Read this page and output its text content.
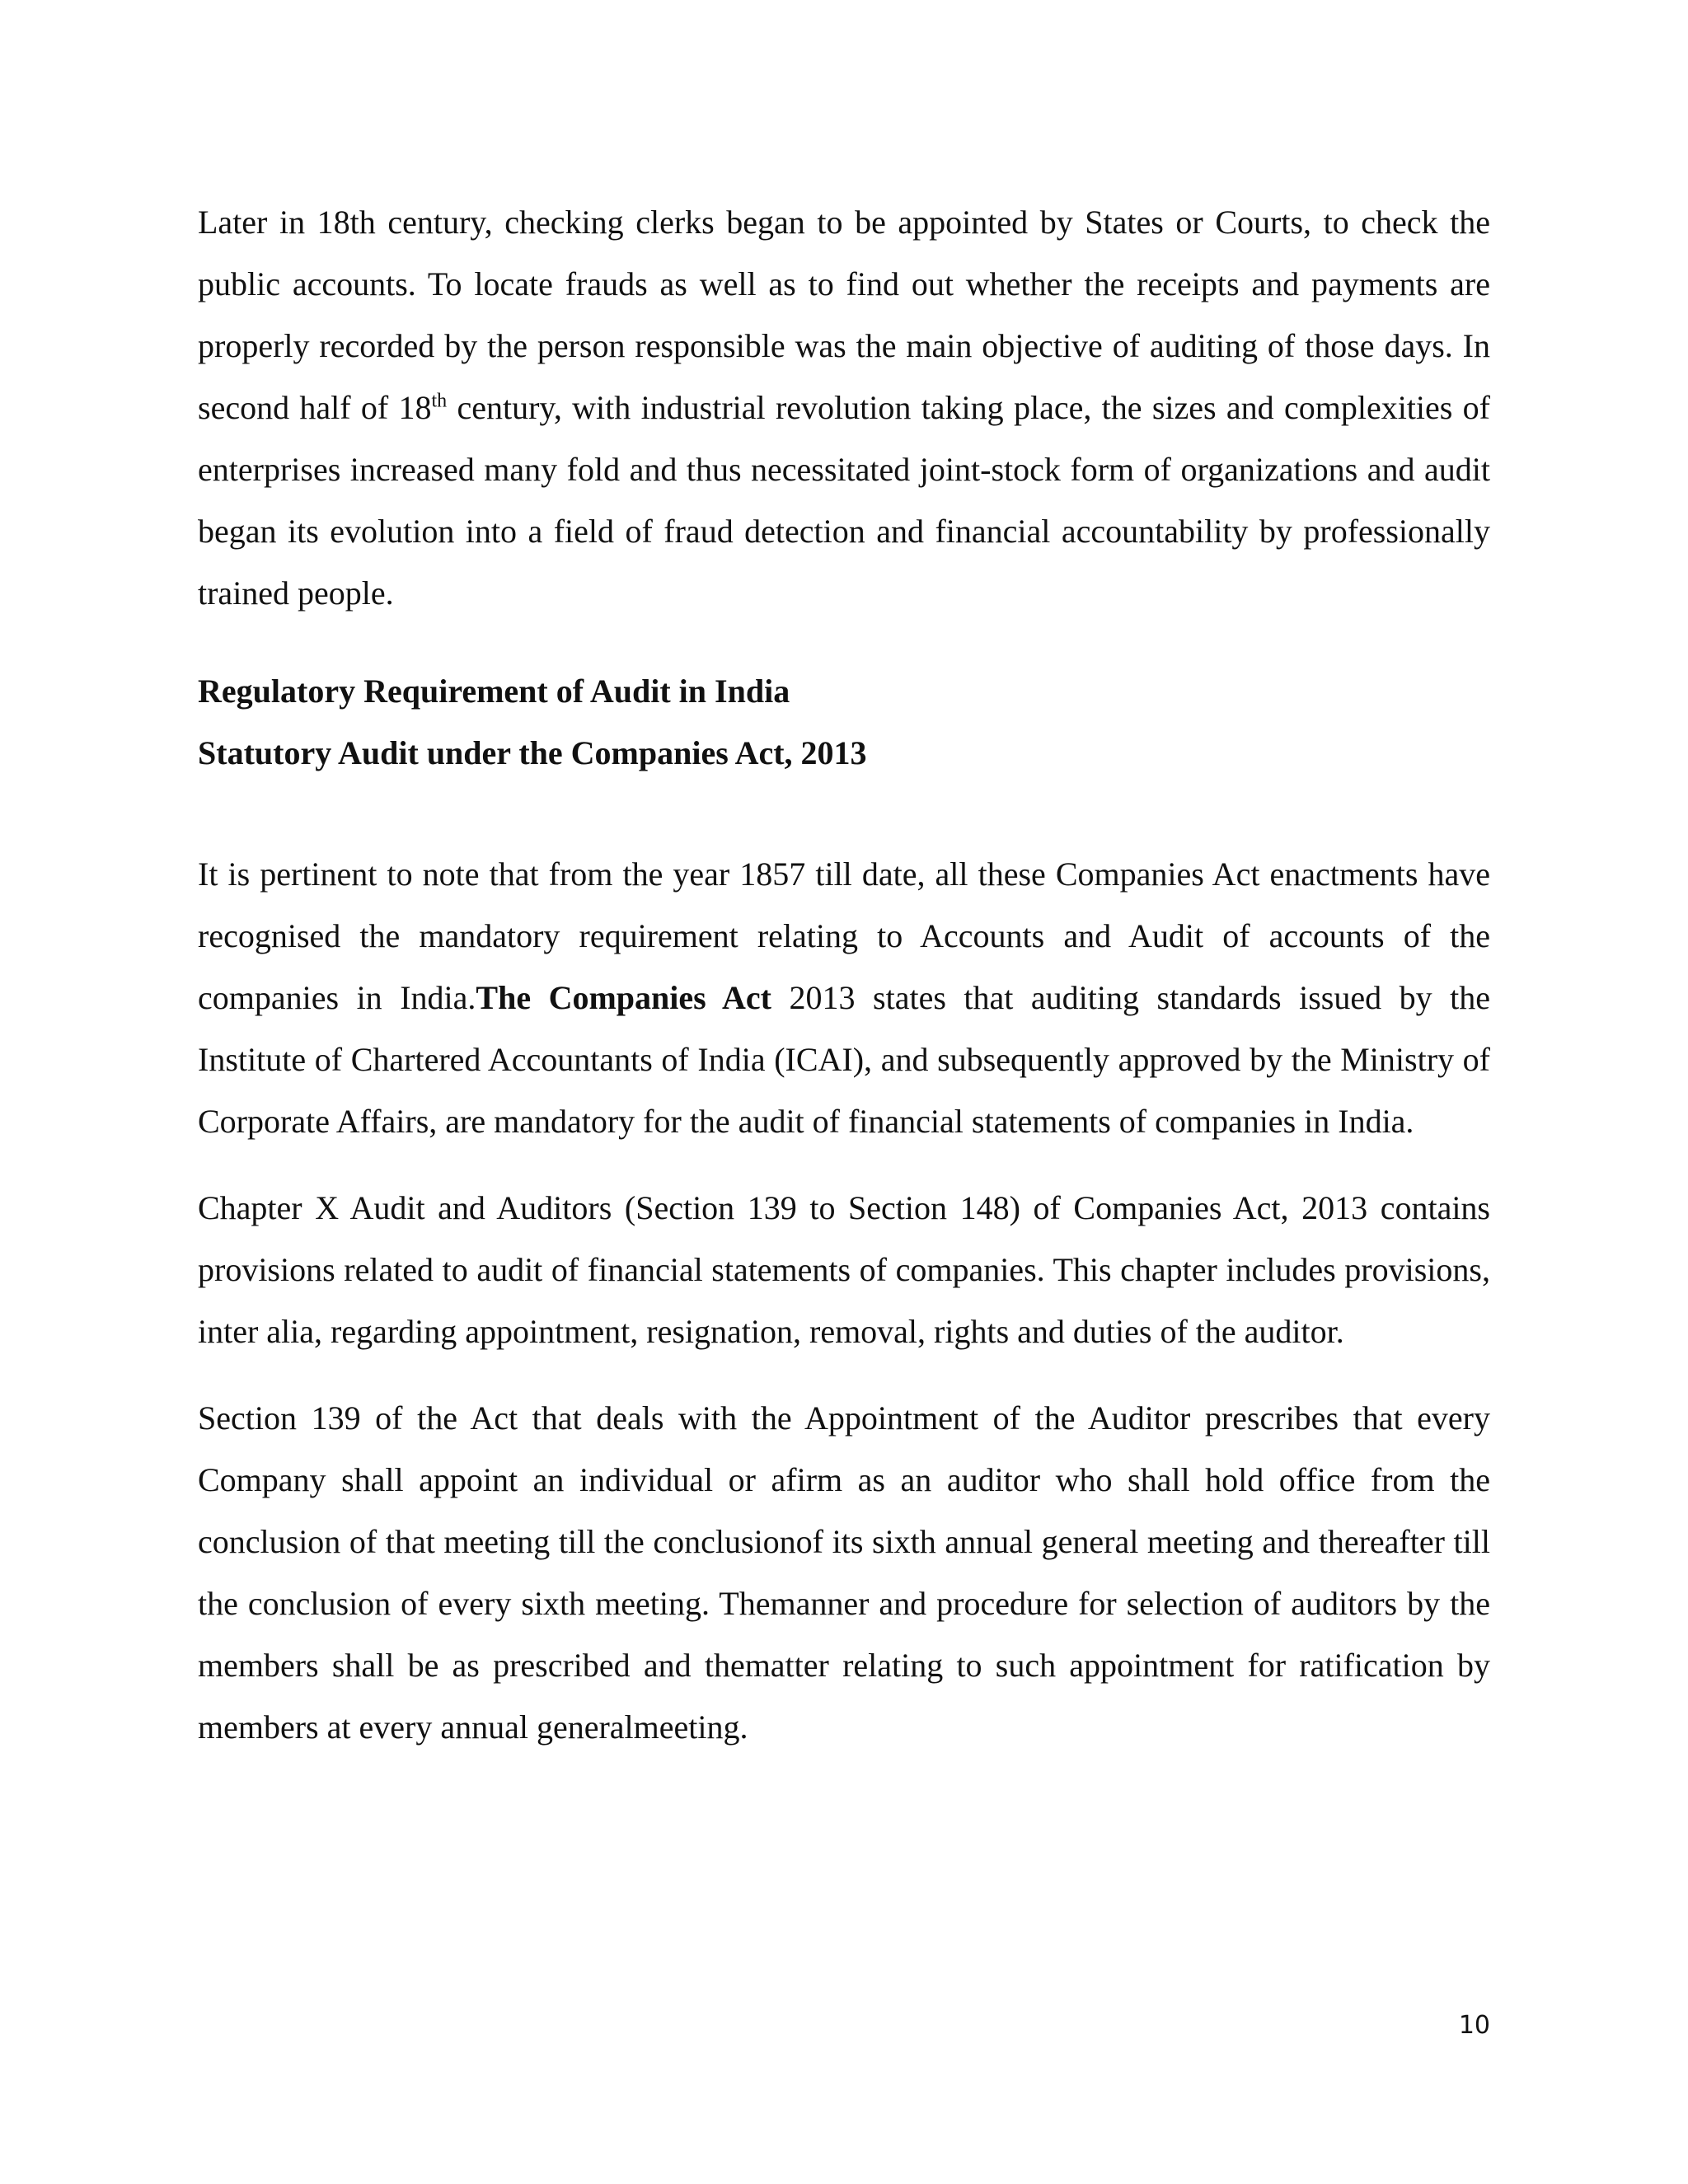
Later in 18th century, checking clerks began to be appointed by States or Courts, to check the public accounts. To locate frauds as well as to find out whether the receipts and payments are properly recorded by the person responsible was the main objective of auditing of those days. In second half of 18th century, with industrial revolution taking place, the sizes and complexities of enterprises increased many fold and thus necessitated joint-stock form of organizations and audit began its evolution into a field of fraud detection and financial accountability by professionally trained people.

Regulatory Requirement of Audit in India

Statutory Audit under the Companies Act, 2013

It is pertinent to note that from the year 1857 till date, all these Companies Act enactments have recognised the mandatory requirement relating to Accounts and Audit of accounts of the companies in India.The Companies Act 2013 states that auditing standards issued by the Institute of Chartered Accountants of India (ICAI), and subsequently approved by the Ministry of Corporate Affairs, are mandatory for the audit of financial statements of companies in India.

Chapter X Audit and Auditors (Section 139 to Section 148) of Companies Act, 2013 contains provisions related to audit of financial statements of companies. This chapter includes provisions, inter alia, regarding appointment, resignation, removal, rights and duties of the auditor.

Section 139 of the Act that deals with the Appointment of the Auditor prescribes that every Company shall appoint an individual or afirm as an auditor who shall hold office from the conclusion of that meeting till the conclusionof its sixth annual general meeting and thereafter till the conclusion of every sixth meeting. Themanner and procedure for selection of auditors by the members shall be as prescribed and thematter relating to such appointment for ratification by members at every annual generalmeeting.

10
